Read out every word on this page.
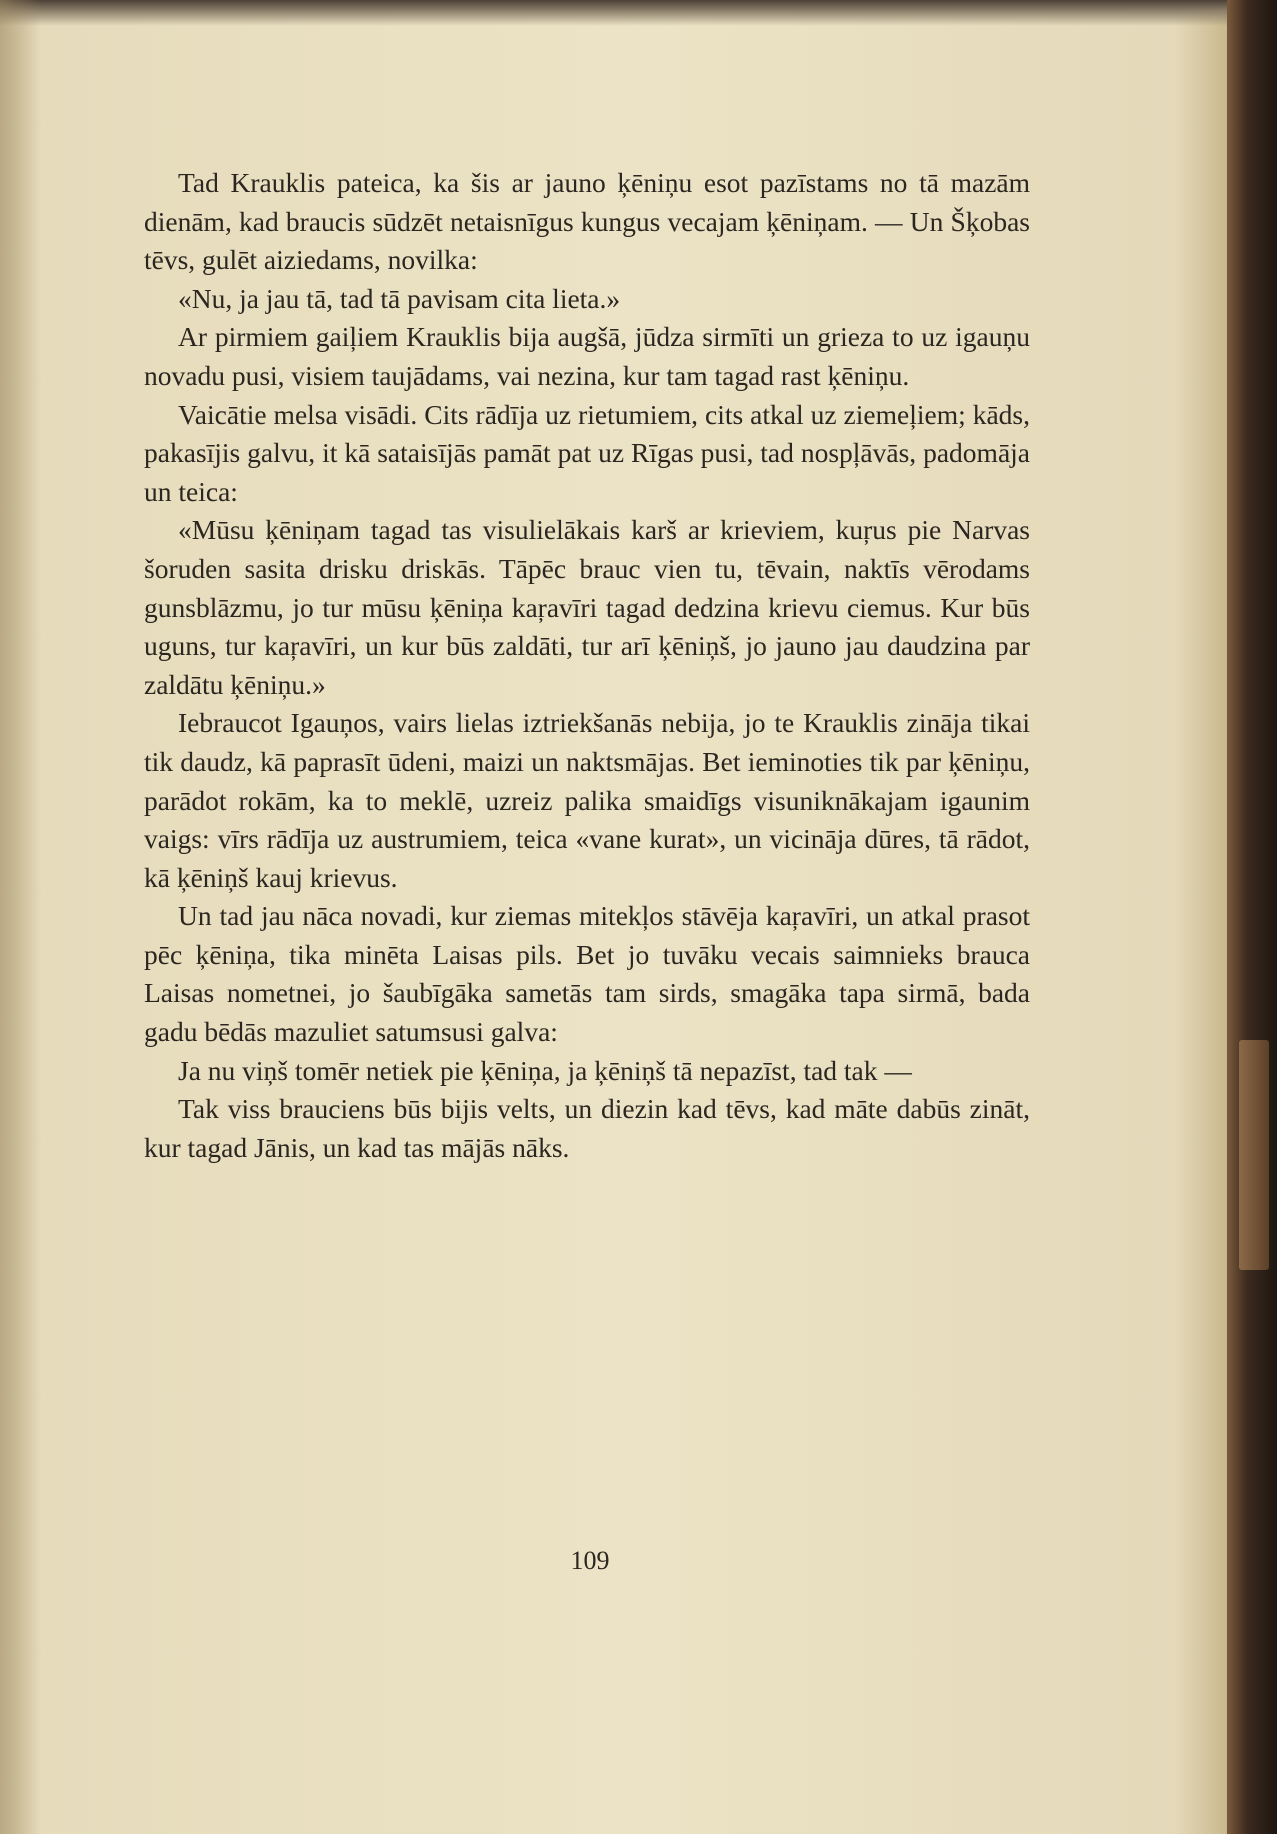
Tad Krauklis pateica, ka šis ar jauno ķēniņu esot pazīstams no tā mazām dienām, kad braucis sūdzēt netaisnīgus kungus vecajam ķēniņam. — Un Šķobas tēvs, gulēt aiziedams, novilka:

«Nu, ja jau tā, tad tā pavisam cita lieta.»

Ar pirmiem gaiļiem Krauklis bija augšā, jūdza sirmīti un grieza to uz igauņu novadu pusi, visiem taujādams, vai nezina, kur tam tagad rast ķēniņu.

Vaicātie melsa visādi. Cits rādīja uz rietumiem, cits atkal uz ziemeļiem; kāds, pakasījis galvu, it kā sataisījās pamāt pat uz Rīgas pusi, tad nospļāvās, padomāja un teica:

«Mūsu ķēniņam tagad tas visulielākais karš ar krieviem, kuŗus pie Narvas šoruden sasita drisku driskās. Tāpēc brauc vien tu, tēvain, naktīs vērodams gunsblāzmu, jo tur mūsu ķēniņa kaŗavīri tagad dedzina krievu ciemus. Kur būs uguns, tur kaŗavīri, un kur būs zaldāti, tur arī ķēniņš, jo jauno jau daudzina par zaldātu ķēniņu.»

Iebraucot Igauņos, vairs lielas iztriekšanās nebija, jo te Krauklis zināja tikai tik daudz, kā paprasīt ūdeni, maizi un naktsmājas. Bet ieminoties tik par ķēniņu, parādot rokām, ka to meklē, uzreiz palika smaidīgs visuniknākajam igaunim vaigs: vīrs rādīja uz austrumiem, teica «vane kurat», un vicināja dūres, tā rādot, kā ķēniņš kauj krievus.

Un tad jau nāca novadi, kur ziemas mitekļos stāvēja kaŗavīri, un atkal prasot pēc ķēniņa, tika minēta Laisas pils. Bet jo tuvāku vecais saimnieks brauca Laisas nometnei, jo šaubīgāka sametās tam sirds, smagāka tapa sirmā, bada gadu bēdās mazuliet satumsusi galva:

Ja nu viņš tomēr netiek pie ķēniņa, ja ķēniņš tā nepazīst, tad tak —

Tak viss brauciens būs bijis velts, un diezin kad tēvs, kad māte dabūs zināt, kur tagad Jānis, un kad tas mājās nāks.

109
